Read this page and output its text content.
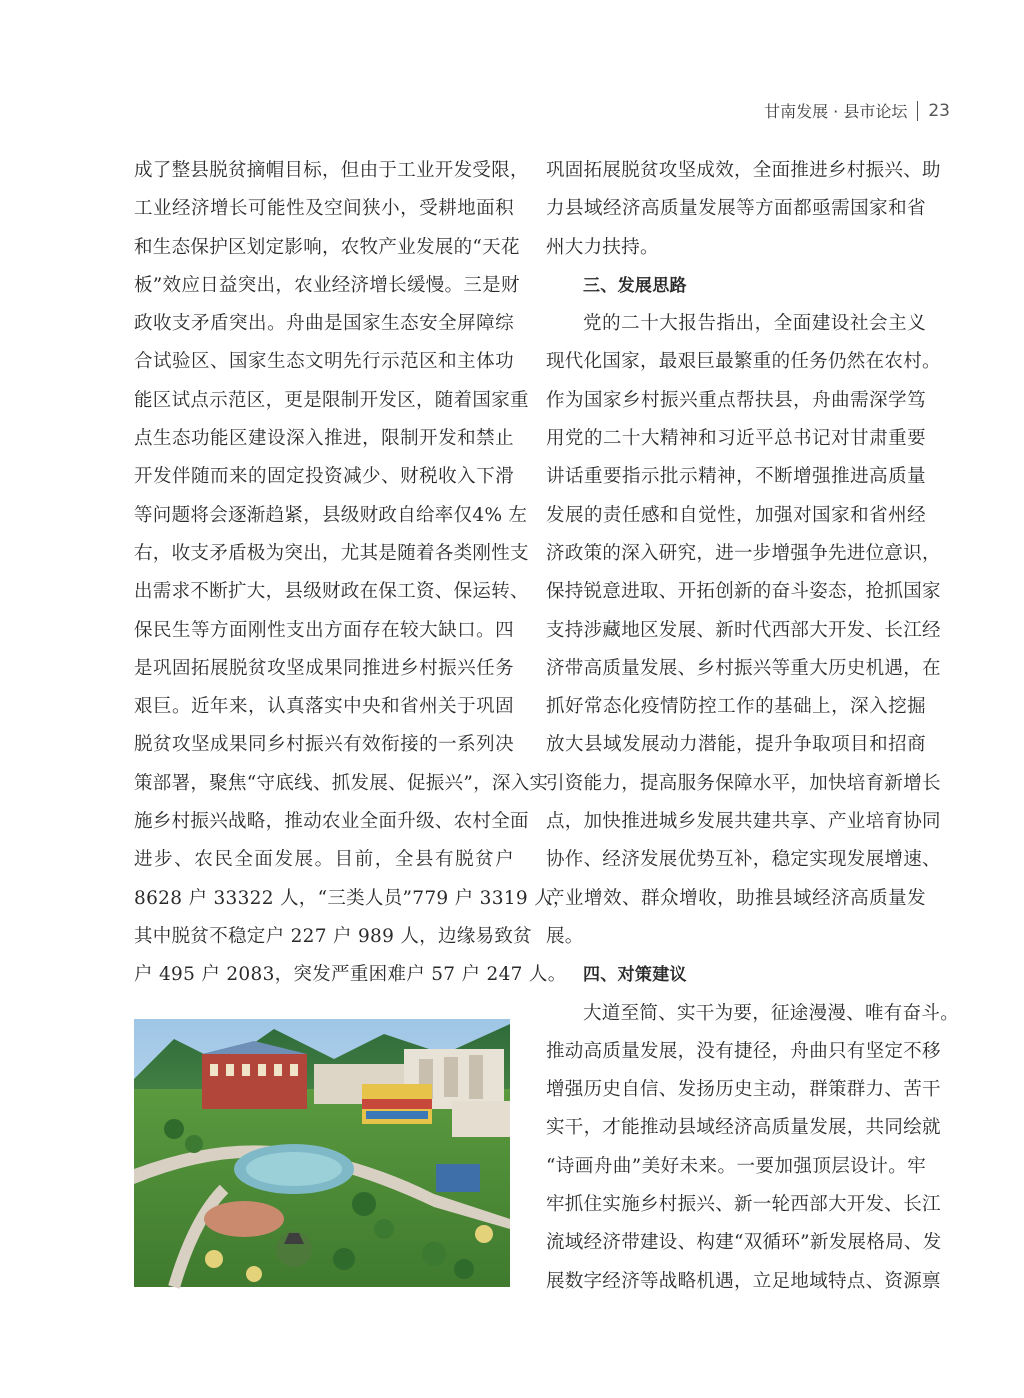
甘南发展 · 县市论坛 23
成了整县脱贫摘帽目标，但由于工业开发受限，
工业经济增长可能性及空间狭小，受耕地面积
和生态保护区划定影响，农牧产业发展的“天花
板”效应日益突出，农业经济增长缓慢。三是财
政收支矛盾突出。舟曲是国家生态安全屏障综
合试验区、国家生态文明先行示范区和主体功
能区试点示范区，更是限制开发区，随着国家重
点生态功能区建设深入推进，限制开发和禁止
开发伴随而来的固定投资减少、财税收入下滑
等问题将会逐渐趋紧，县级财政自给率仅4% 左
右，收支矛盾极为突出，尤其是随着各类刚性支
出需求不断扩大，县级财政在保工资、保运转、
保民生等方面刚性支出方面存在较大缺口。四
是巩固拓展脱贫攻坚成果同推进乡村振兴任务
艰巨。近年来，认真落实中央和省州关于巩固
脱贫攻坚成果同乡村振兴有效衔接的一系列决
策部署，聚焦“守底线、抓发展、促振兴”，深入实
施乡村振兴战略，推动农业全面升级、农村全面
进步、农民全面发展。目前，全县有脱贫户
8628 户 33322 人，“三类人员”779 户 3319 人，
其中脱贫不稳定户 227 户 989 人，边缘易致贫
户 495 户 2083，突发严重困难户 57 户 247 人。
巩固拓展脱贫攻坚成效，全面推进乡村振兴、助
力县域经济高质量发展等方面都亟需国家和省
州大力扶持。
三、发展思路
党的二十大报告指出，全面建设社会主义
现代化国家，最艰巨最繁重的任务仍然在农村。
作为国家乡村振兴重点帮扶县，舟曲需深学笃
用党的二十大精神和习近平总书记对甘肃重要
讲话重要指示批示精神，不断增强推进高质量
发展的责任感和自觉性，加强对国家和省州经
济政策的深入研究，进一步增强争先进位意识，
保持锐意进取、开拓创新的奋斗姿态，抢抓国家
支持涉藏地区发展、新时代西部大开发、长江经
济带高质量发展、乡村振兴等重大历史机遇，在
抓好常态化疫情防控工作的基础上，深入挖掘
放大县域发展动力潜能，提升争取项目和招商
引资能力，提高服务保障水平，加快培育新增长
点，加快推进城乡发展共建共享、产业培育协同
协作、经济发展优势互补，稳定实现发展增速、
产业增效、群众增收，助推县域经济高质量发
展。
四、对策建议
大道至简、实干为要，征途漫漫、唯有奋斗。
推动高质量发展，没有捷径，舟曲只有坚定不移
增强历史自信、发扬历史主动，群策群力、苦干
实干，才能推动县域经济高质量发展，共同绘就
“诗画舟曲”美好未来。一要加强顶层设计。牢
牢抓住实施乡村振兴、新一轮西部大开发、长江
流域经济带建设、构建“双循环”新发展格局、发
展数字经济等战略机遇，立足地域特点、资源禀
